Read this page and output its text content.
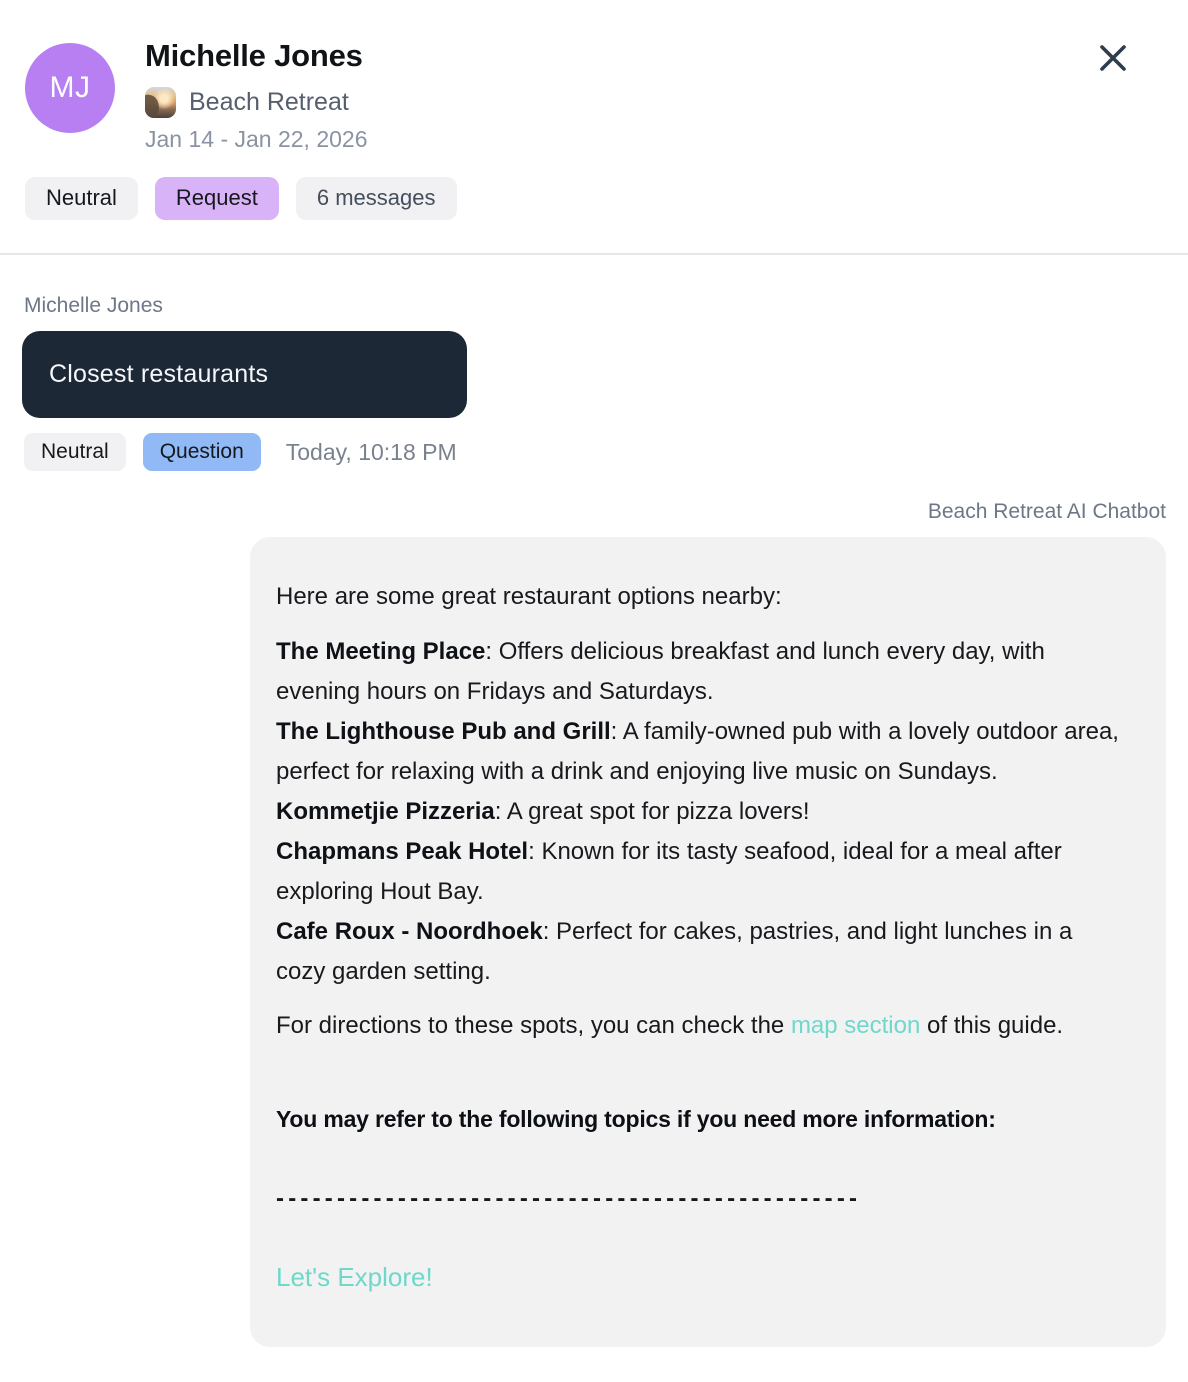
MJ
Michelle Jones
Beach Retreat
Jan 14 - Jan 22, 2026
Neutral	Request	6 messages
Michelle Jones
Closest restaurants
Neutral	Question	Today, 10:18 PM
Beach Retreat AI Chatbot

Here are some great restaurant options nearby:

The Meeting Place: Offers delicious breakfast and lunch every day, with evening hours on Fridays and Saturdays.
The Lighthouse Pub and Grill: A family-owned pub with a lovely outdoor area, perfect for relaxing with a drink and enjoying live music on Sundays.
Kommetjie Pizzeria: A great spot for pizza lovers!
Chapmans Peak Hotel: Known for its tasty seafood, ideal for a meal after exploring Hout Bay.
Cafe Roux - Noordhoek: Perfect for cakes, pastries, and light lunches in a cozy garden setting.

For directions to these spots, you can check the map section of this guide.

You may refer to the following topics if you need more information:

------------------------------------------------

Let's Explore!
